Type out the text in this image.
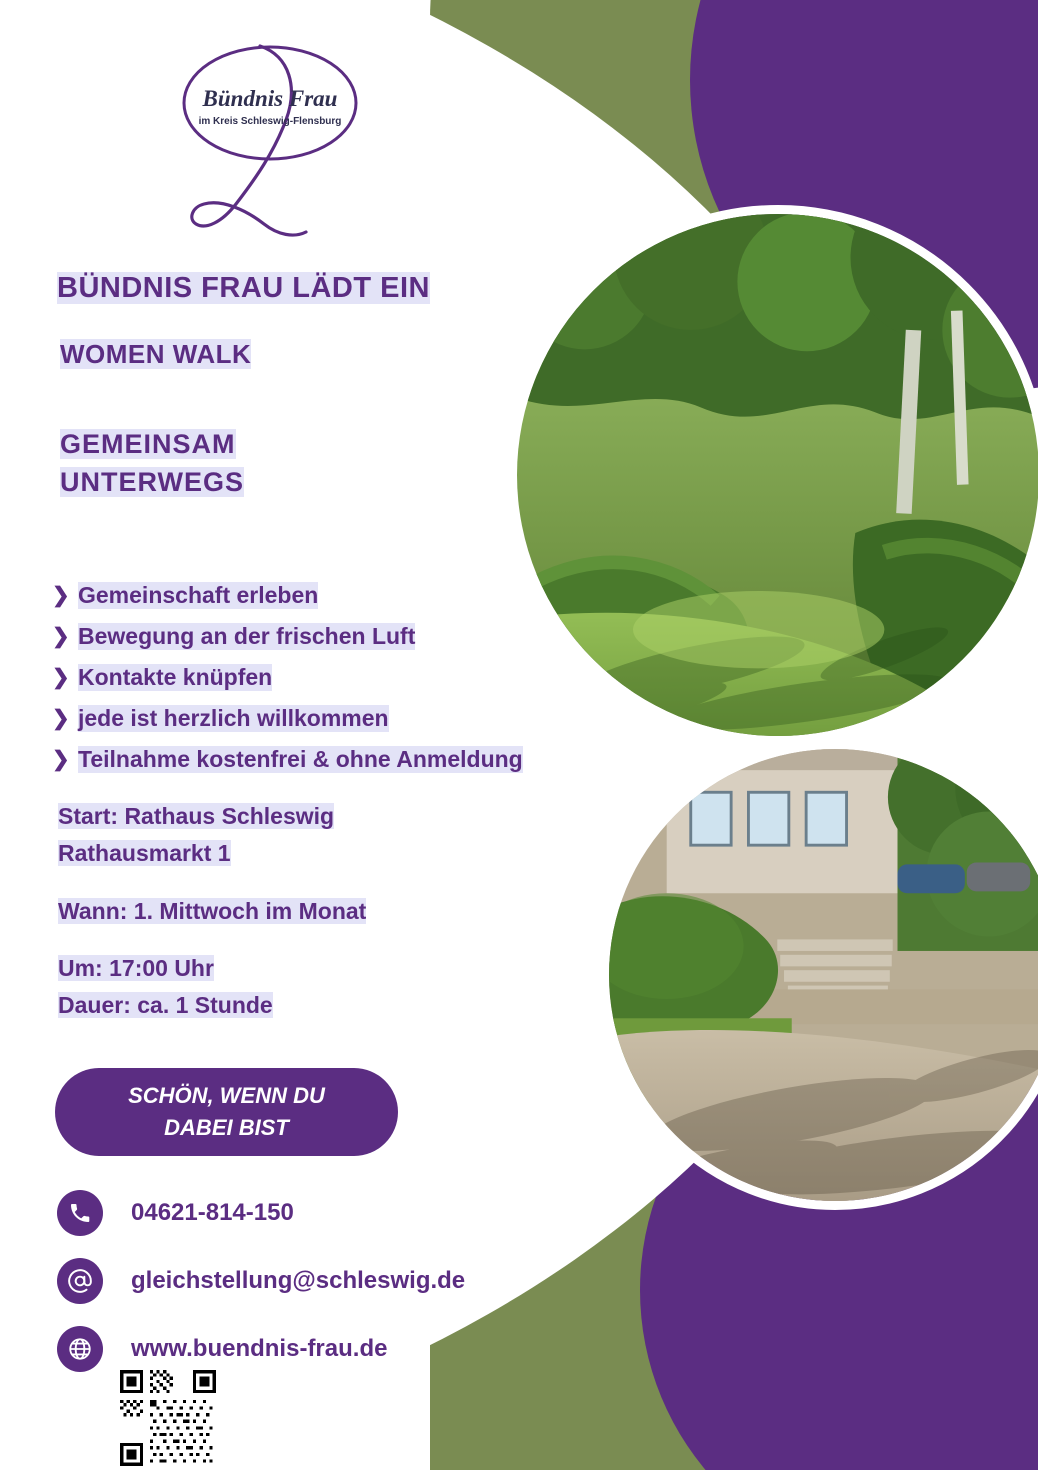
Bündnis Frau
im Kreis Schleswig-Flensburg
BÜNDNIS FRAU LÄDT EIN
WOMEN WALK
GEMEINSAM
UNTERWEGS
❯ Gemeinschaft erleben
❯ Bewegung an der frischen Luft
❯ Kontakte knüpfen
❯ jede ist herzlich willkommen
❯ Teilnahme kostenfrei & ohne Anmeldung
Start: Rathaus Schleswig
Rathausmarkt 1
Wann: 1. Mittwoch im Monat
Um: 17:00 Uhr
Dauer: ca. 1 Stunde
SCHÖN, WENN DU
DABEI BIST
04621-814-150
gleichstellung@schleswig.de
www.buendnis-frau.de
